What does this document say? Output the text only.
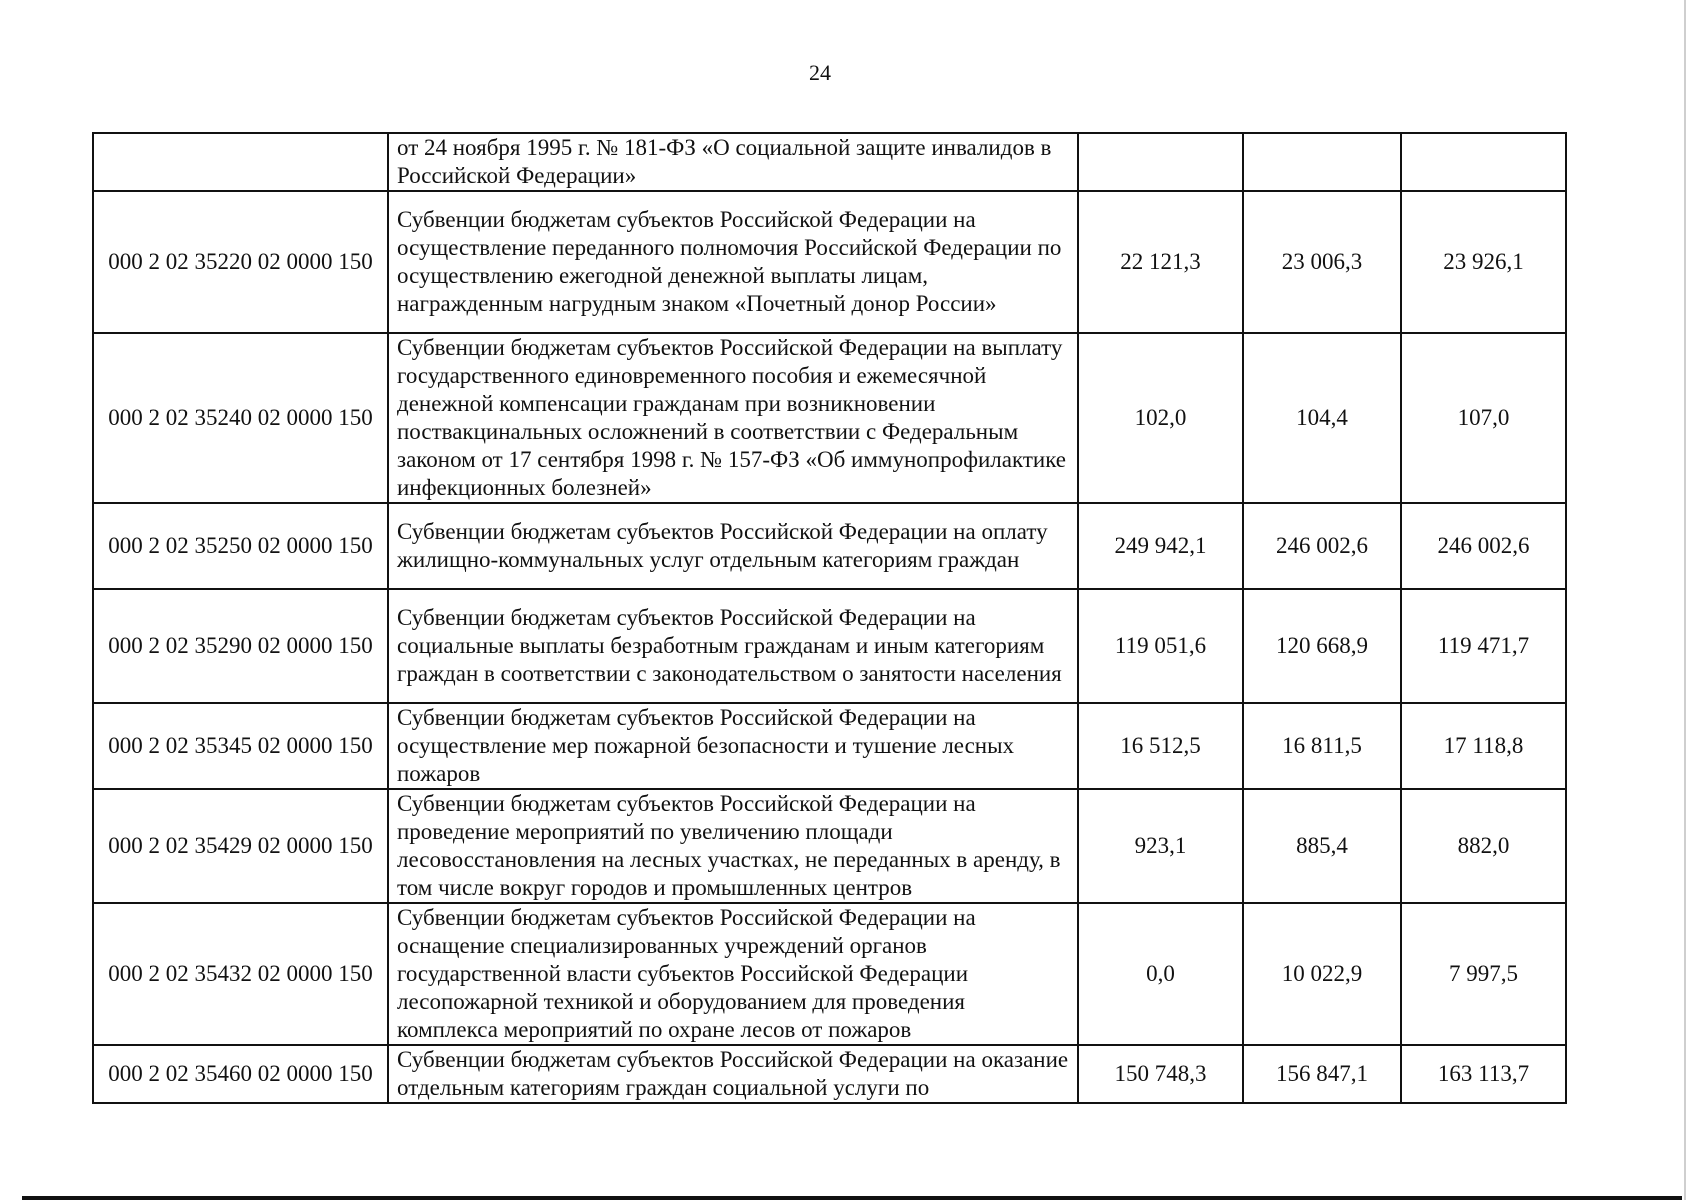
24
	от 24 ноября 1995 г. № 181-ФЗ «О социальной защите инвалидов в Российской Федерации»			
000 2 02 35220 02 0000 150	Субвенции бюджетам субъектов Российской Федерации на осуществление переданного полномочия Российской Федерации по осуществлению ежегодной денежной выплаты лицам, награжденным нагрудным знаком «Почетный донор России»	22 121,3	23 006,3	23 926,1
000 2 02 35240 02 0000 150	Субвенции бюджетам субъектов Российской Федерации на выплату государственного единовременного пособия и ежемесячной денежной компенсации гражданам при возникновении поствакцинальных осложнений в соответствии с Федеральным законом от 17 сентября 1998 г. № 157-ФЗ «Об иммунопрофилактике инфекционных болезней»	102,0	104,4	107,0
000 2 02 35250 02 0000 150	Субвенции бюджетам субъектов Российской Федерации на оплату жилищно-коммунальных услуг отдельным категориям граждан	249 942,1	246 002,6	246 002,6
000 2 02 35290 02 0000 150	Субвенции бюджетам субъектов Российской Федерации на социальные выплаты безработным гражданам и иным категориям граждан в соответствии с законодательством о занятости населения	119 051,6	120 668,9	119 471,7
000 2 02 35345 02 0000 150	Субвенции бюджетам субъектов Российской Федерации на осуществление мер пожарной безопасности и тушение лесных пожаров	16 512,5	16 811,5	17 118,8
000 2 02 35429 02 0000 150	Субвенции бюджетам субъектов Российской Федерации на проведение мероприятий по увеличению площади лесовосстановления на лесных участках, не переданных в аренду, в том числе вокруг городов и промышленных центров	923,1	885,4	882,0
000 2 02 35432 02 0000 150	Субвенции бюджетам субъектов Российской Федерации на оснащение специализированных учреждений органов государственной власти субъектов Российской Федерации лесопожарной техникой и оборудованием для проведения комплекса мероприятий по охране лесов от пожаров	0,0	10 022,9	7 997,5
000 2 02 35460 02 0000 150	Субвенции бюджетам субъектов Российской Федерации на оказание отдельным категориям граждан социальной услуги по	150 748,3	156 847,1	163 113,7
